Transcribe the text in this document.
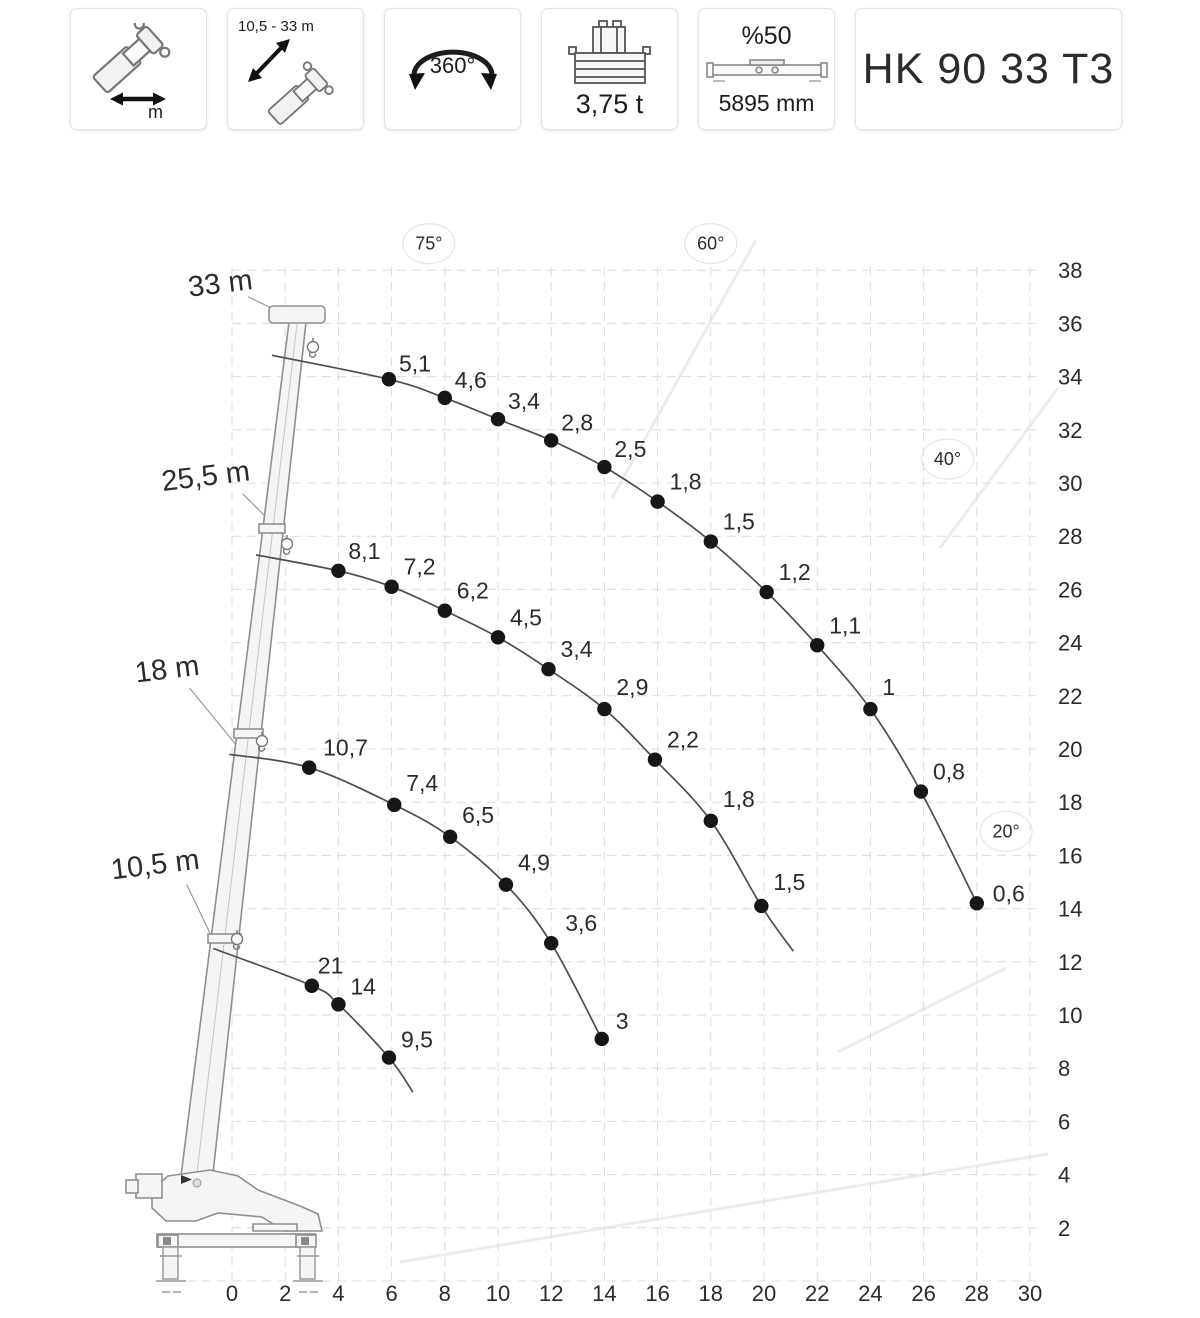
m
10,5 - 33 m
360°
3,75 t
%50
5895 mm
HK 90 33 T3
0 2 4 6 8 10 12 14 16 18 20 22 24 26 28 30
2
4
6
8
10
12
14
16
18
20
22
24
26
28
30
32
34
36
38
75°	60°
40°
20°
5,1
4,6
3,4
2,8
2,5
1,8
1,5
1,2
1,1
1
0,8
0,6
33 m
8,1
7,2
6,2
4,5
3,4
2,9
2,2
1,8
1,5
25,5 m
10,7
7,4
6,5
4,9
3,6
3
18 m
21
14
9,5
10,5 m
